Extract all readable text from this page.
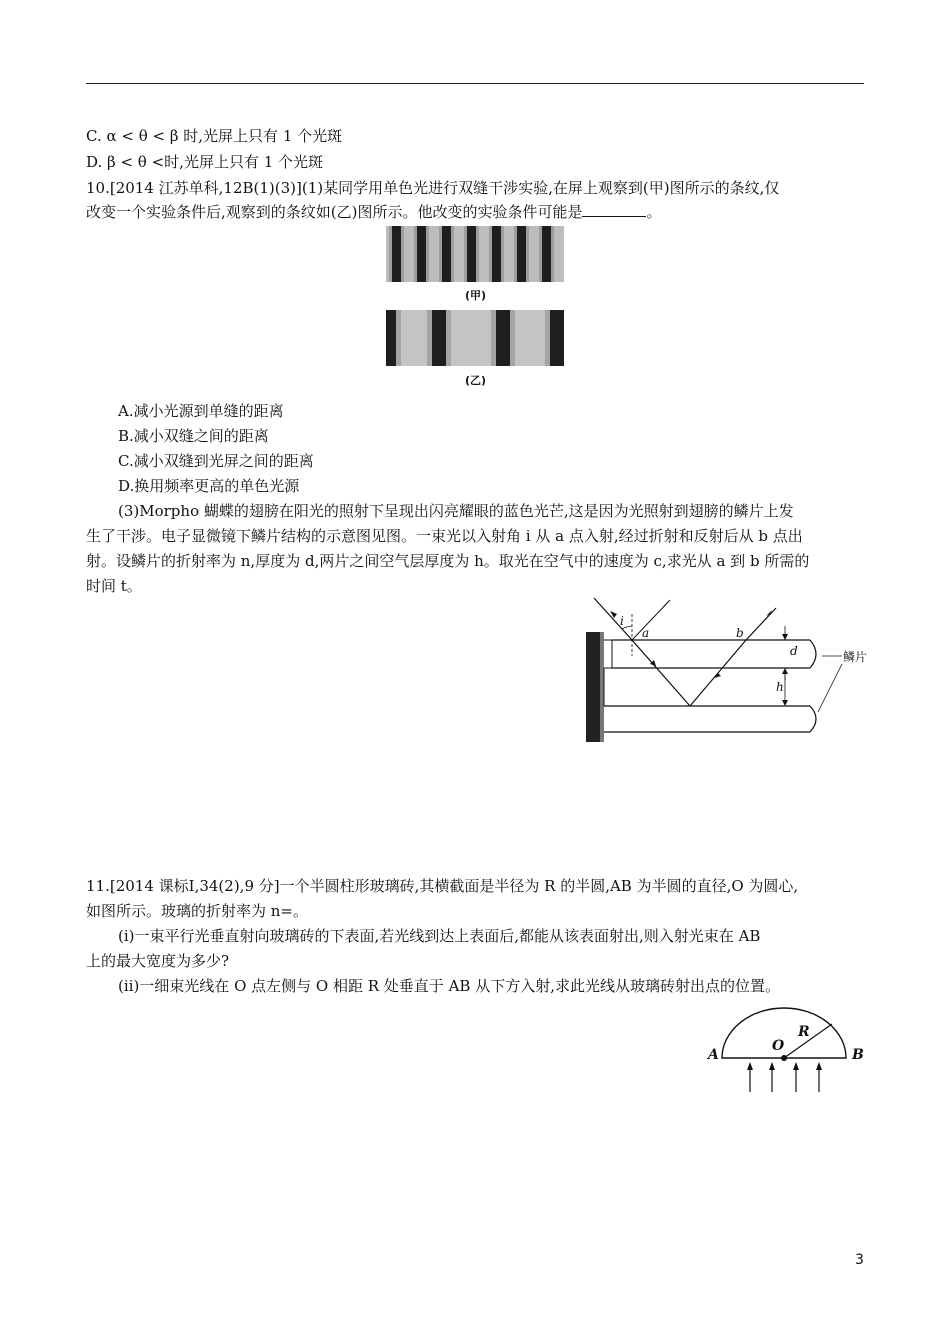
C. α < θ < β 时,光屏上只有 1 个光斑
D. β < θ <时,光屏上只有 1 个光斑
10.[2014 江苏单科,12B(1)(3)](1)某同学用单色光进行双缝干涉实验,在屏上观察到(甲)图所示的条纹,仅
改变一个实验条件后,观察到的条纹如(乙)图所示。他改变的实验条件可能是	。
(甲)
(乙)
A.减小光源到单缝的距离
B.减小双缝之间的距离
C.减小双缝到光屏之间的距离
D.换用频率更高的单色光源
(3)Morpho 蝴蝶的翅膀在阳光的照射下呈现出闪亮耀眼的蓝色光芒,这是因为光照射到翅膀的鳞片上发
生了干涉。电子显微镜下鳞片结构的示意图见图。一束光以入射角 i 从 a 点入射,经过折射和反射后从 b 点出
射。设鳞片的折射率为 n,厚度为 d,两片之间空气层厚度为 h。取光在空气中的速度为 c,求光从 a 到 b 所需的
时间 t。
i
a	b
d
h
鳞片
11.[2014 课标Ⅰ,34(2),9 分]一个半圆柱形玻璃砖,其横截面是半径为 R 的半圆,AB 为半圆的直径,O 为圆心,
如图所示。玻璃的折射率为 n=。
(ⅰ)一束平行光垂直射向玻璃砖的下表面,若光线到达上表面后,都能从该表面射出,则入射光束在 AB
上的最大宽度为多少?
(ⅱ)一细束光线在 O 点左侧与 O 相距 R 处垂直于 AB 从下方入射,求此光线从玻璃砖射出点的位置。
A	B
O
R
3
